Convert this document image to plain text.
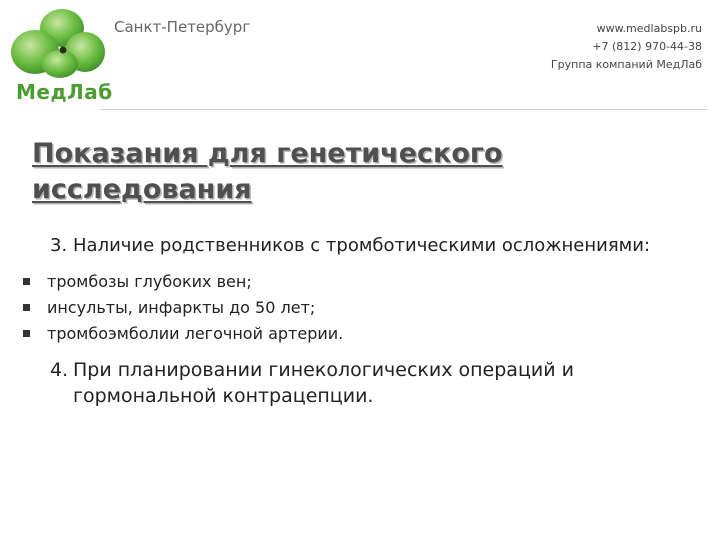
МедЛаб
Санкт-Петербург	www.medlabspb.ru
+7 (812) 970-44-38
Группа компаний МедЛаб
Показания для генетического исследования
3. Наличие родственников с тромботическими осложнениями:
тромбозы глубоких вен;
инсульты, инфаркты до 50 лет;
тромбоэмболии легочной артерии.
4. При планировании гинекологических операций и гормональной контрацепции.
